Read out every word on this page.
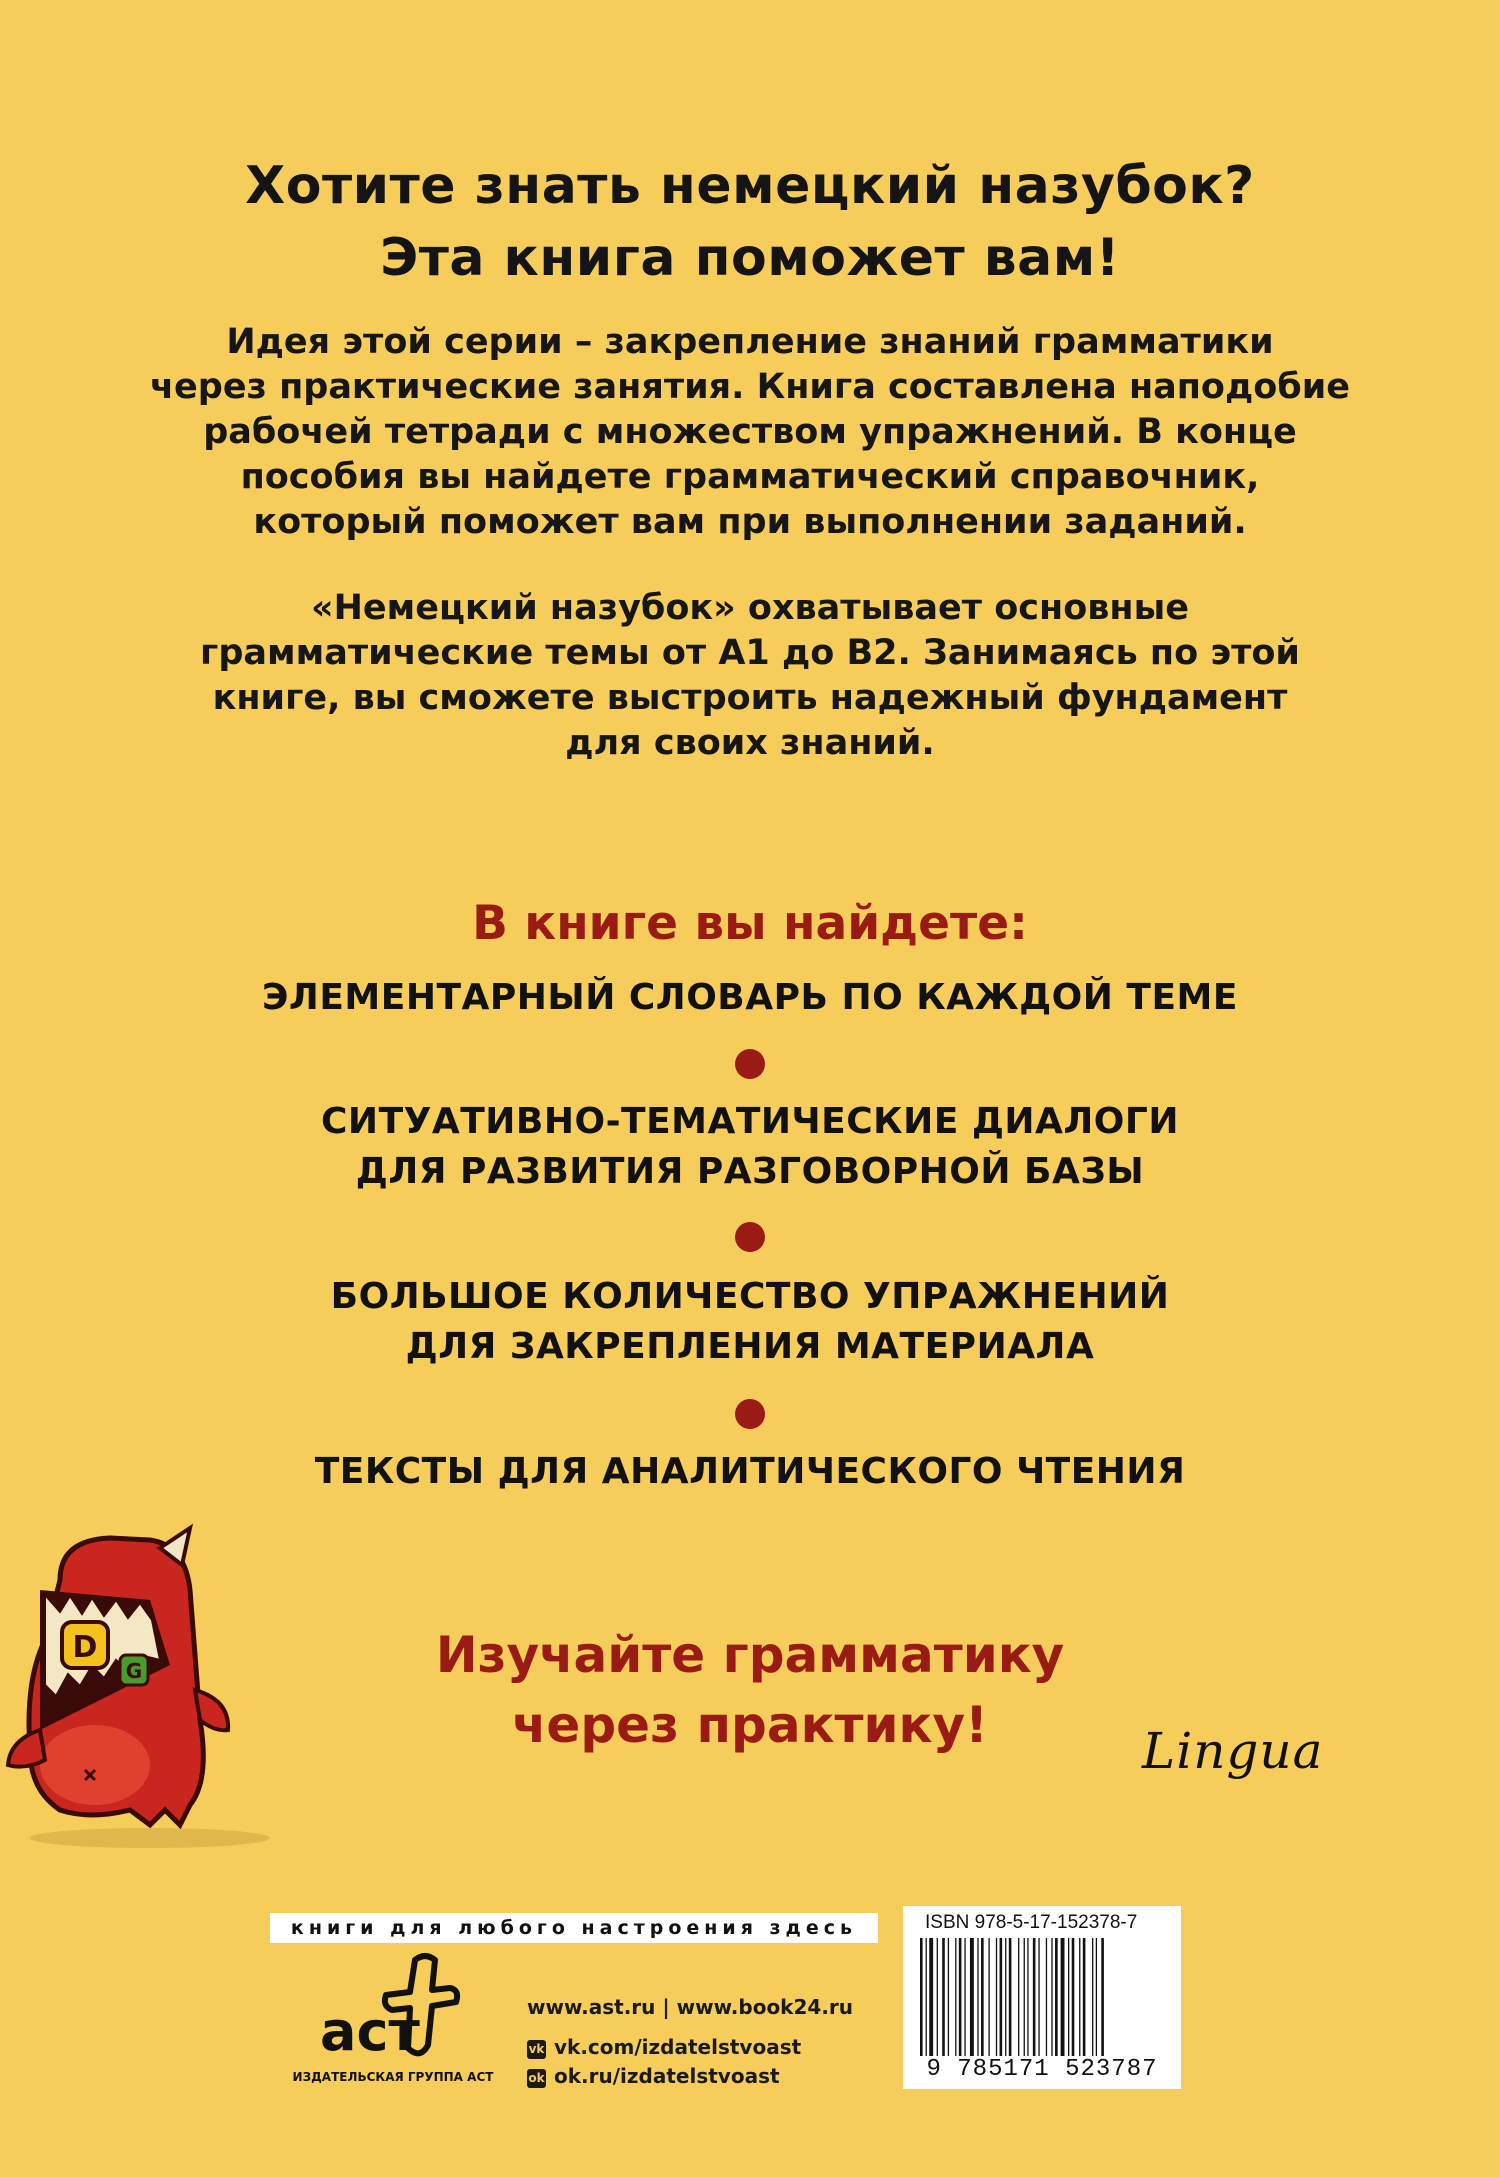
Хотите знать немецкий назубок?
Эта книга поможет вам!
Идея этой серии – закрепление знаний грамматики
через практические занятия. Книга составлена наподобие
рабочей тетради с множеством упражнений. В конце
пособия вы найдете грамматический справочник,
который поможет вам при выполнении заданий.
«Немецкий назубок» охватывает основные
грамматические темы от А1 до В2. Занимаясь по этой
книге, вы сможете выстроить надежный фундамент
для своих знаний.
В книге вы найдете:
ЭЛЕМЕНТАРНЫЙ СЛОВАРЬ ПО КАЖДОЙ ТЕМЕ
СИТУАТИВНО-ТЕМАТИЧЕСКИЕ ДИАЛОГИ
ДЛЯ РАЗВИТИЯ РАЗГОВОРНОЙ БАЗЫ
БОЛЬШОЕ КОЛИЧЕСТВО УПРАЖНЕНИЙ
ДЛЯ ЗАКРЕПЛЕНИЯ МАТЕРИАЛА
ТЕКСТЫ ДЛЯ АНАЛИТИЧЕСКОГО ЧТЕНИЯ
D
G	Изучайте грамматику
через практику!	Lingua
книги для любого настроения здесь
аст
ИЗДАТЕЛЬСКАЯ ГРУППА АСТ
www.ast.ru | www.book24.ru
vk vk.com/izdatelstvoast
ok ok.ru/izdatelstvoast
ISBN 978-5-17-152378-7
9 785171 523787
